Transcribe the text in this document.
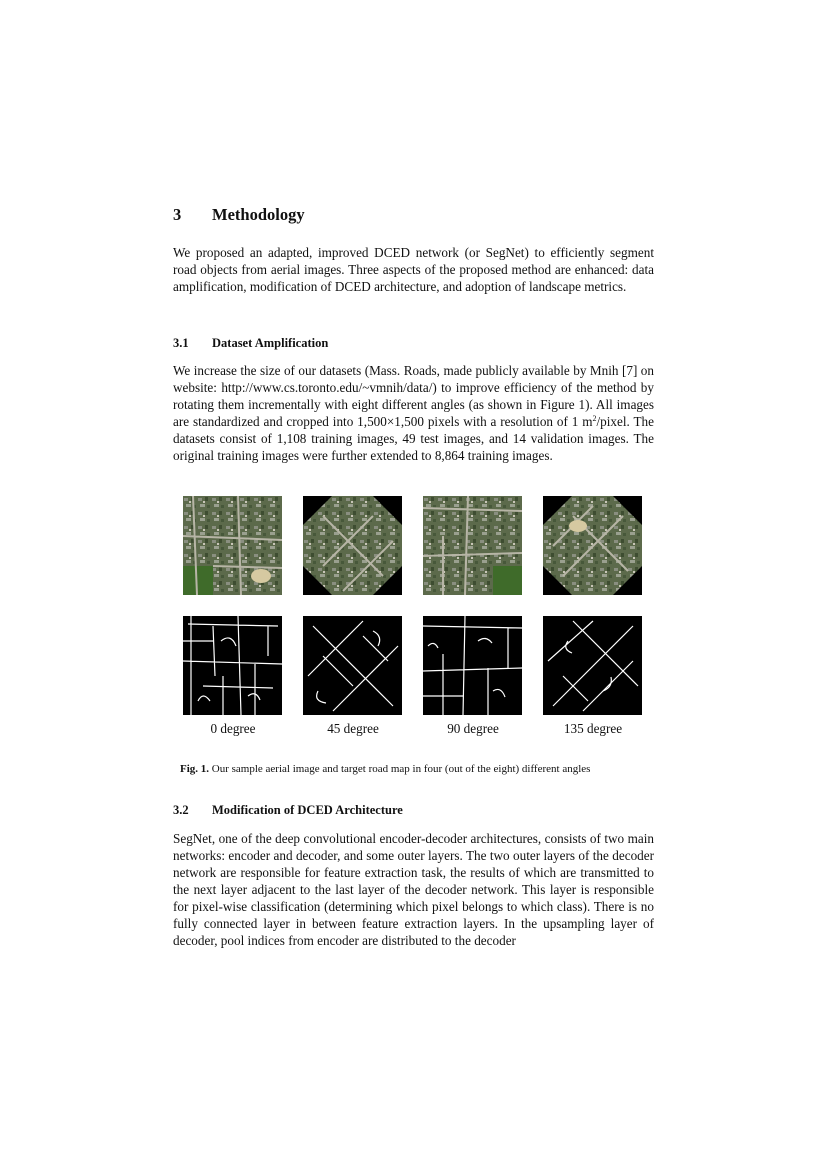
3 Methodology
We proposed an adapted, improved DCED network (or SegNet) to efficiently segment road objects from aerial images. Three aspects of the proposed method are enhanced: data amplification, modification of DCED architecture, and adoption of landscape metrics.
3.1 Dataset Amplification
We increase the size of our datasets (Mass. Roads, made publicly available by Mnih [7] on website: http://www.cs.toronto.edu/~vmnih/data/) to improve efficiency of the method by rotating them incrementally with eight different angles (as shown in Figure 1). All images are standardized and cropped into 1,500×1,500 pixels with a resolution of 1 $m^2$/pixel. The datasets consist of 1,108 training images, 49 test images, and 14 validation images. The original training images were further extended to 8,864 training images.
0 degree	45 degree	90 degree	135 degree
Fig. 1. Our sample aerial image and target road map in four (out of the eight) different angles
3.2 Modification of DCED Architecture
SegNet, one of the deep convolutional encoder-decoder architectures, consists of two main networks: encoder and decoder, and some outer layers. The two outer layers of the decoder network are responsible for feature extraction task, the results of which are transmitted to the next layer adjacent to the last layer of the decoder network. This layer is responsible for pixel-wise classification (determining which pixel belongs to which class). There is no fully connected layer in between feature extraction layers. In the upsampling layer of decoder, pool indices from encoder are distributed to the decoder
